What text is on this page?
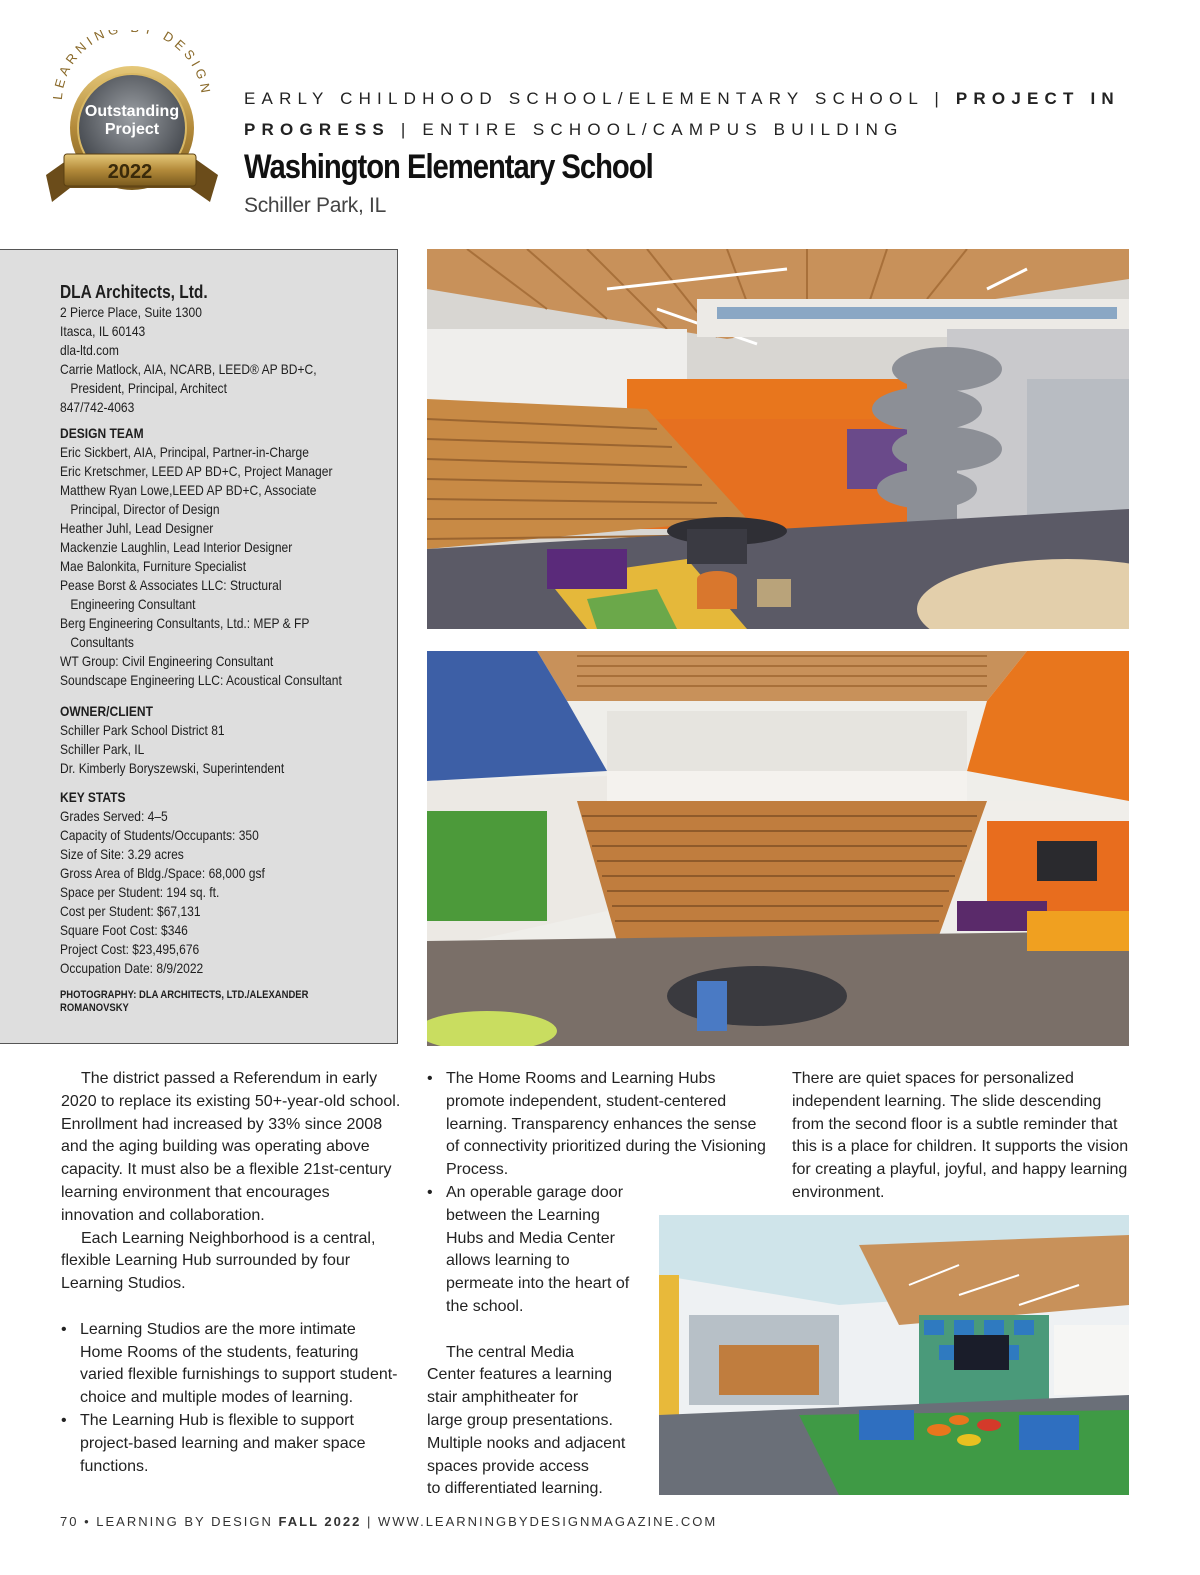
LEARNIN DESIGN
Outstanding
Project
2022
EARLY CHILDHOOD SCHOOL/ELEMENTARY SCHOOL | PROJECT IN
PROGRESS | ENTIRE SCHOOL/CAMPUS BUILDING
Washington Elementary School
Schiller Park, IL
DLA Architects, Ltd.
2 Pierce Place, Suite 1300
Itasca, IL 60143
dla-ltd.com
Carrie Matlock, AIA, NCARB, LEED® AP BD+C,
President, Principal, Architect
847/742-4063
DESIGN TEAM
Eric Sickbert, AIA, Principal, Partner-in-Charge
Eric Kretschmer, LEED AP BD+C, Project Manager
Matthew Ryan Lowe,LEED AP BD+C, Associate
Principal, Director of Design
Heather Juhl, Lead Designer
Mackenzie Laughlin, Lead Interior Designer
Mae Balonkita, Furniture Specialist
Pease Borst & Associates LLC: Structural
Engineering Consultant
Berg Engineering Consultants, Ltd.: MEP & FP
Consultants
WT Group: Civil Engineering Consultant
Soundscape Engineering LLC: Acoustical Consultant
OWNER/CLIENT
Schiller Park School District 81
Schiller Park, IL
Dr. Kimberly Boryszewski, Superintendent
KEY STATS
Grades Served: 4–5
Capacity of Students/Occupants: 350
Size of Site: 3.29 acres
Gross Area of Bldg./Space: 68,000 gsf
Space per Student: 194 sq. ft.
Cost per Student: $67,131
Square Foot Cost: $346
Project Cost: $23,495,676
Occupation Date: 8/9/2022
PHOTOGRAPHY: DLA ARCHITECTS, LTD./ALEXANDER
ROMANOVSKY

The district passed a Referendum in early 2020 to replace its existing 50+-year-old school. Enrollment had increased by 33% since 2008 and the aging building was operating above capacity. It must also be a flexible 21st-century learning environment that encourages innovation and collaboration.

Each Learning Neighborhood is a central, flexible Learning Hub surrounded by four Learning Studios.

• Learning Studios are the more intimate Home Rooms of the students, featuring varied flexible furnishings to support student-choice and multiple modes of learning.
• The Learning Hub is flexible to support project-based learning and maker space functions.
• The Home Rooms and Learning Hubs promote independent, student-centered learning. Transparency enhances the sense of connectivity prioritized during the Visioning Process.
• An operable garage door
between the Learning
Hubs and Media Center
allows learning to
permeate into the heart of
the school.
The central Media
Center features a learning
stair amphitheater for
large group presentations.
Multiple nooks and adjacent
spaces provide access
to differentiated learning.

There are quiet spaces for personalized independent learning. The slide descending from the second floor is a subtle reminder that this is a place for children. It supports the vision for creating a playful, joyful, and happy learning environment.

70 • LEARNING BY DESIGN FALL 2022 | WWW.LEARNINGBYDESIGNMAGAZINE.COM
